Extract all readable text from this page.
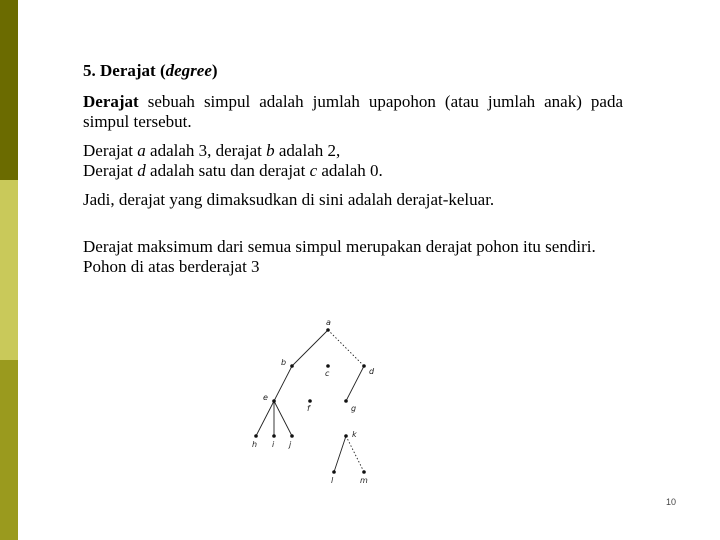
5. Derajat (degree)

Derajat sebuah simpul adalah jumlah upapohon (atau jumlah anak) pada simpul tersebut.

Derajat a adalah 3, derajat b adalah 2,
Derajat d adalah satu dan derajat c adalah 0.

Jadi, derajat yang dimaksudkan di sini adalah derajat-keluar.

Derajat maksimum dari semua simpul merupakan derajat pohon itu sendiri. Pohon di atas berderajat 3

a
b
c	d
e
f	g
h i j
k
l	m
10
